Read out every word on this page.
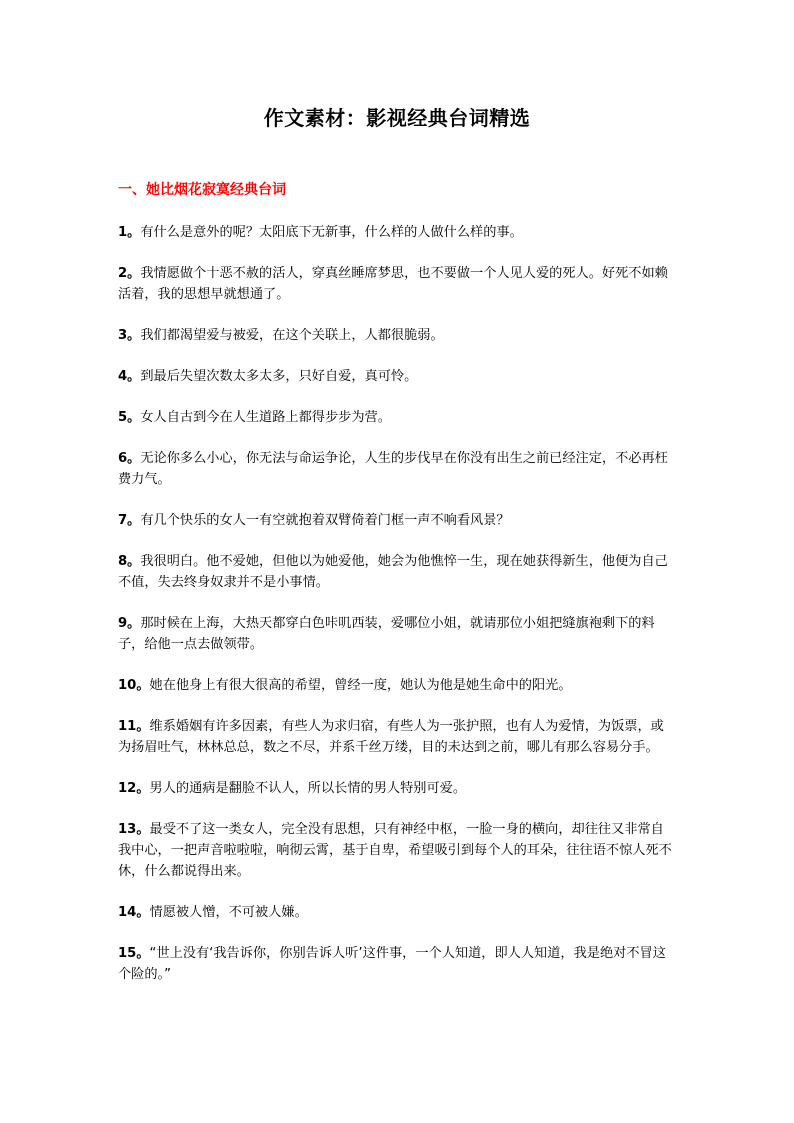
作文素材：影视经典台词精选
一、她比烟花寂寞经典台词

1。有什么是意外的呢？太阳底下无新事，什么样的人做什么样的事。

2。我情愿做个十恶不赦的活人，穿真丝睡席梦思，也不要做一个人见人爱的死人。好死不如赖活着，我的思想早就想通了。

3。我们都渴望爱与被爱，在这个关联上，人都很脆弱。

4。到最后失望次数太多太多，只好自爱，真可怜。

5。女人自古到今在人生道路上都得步步为营。

6。无论你多么小心，你无法与命运争论，人生的步伐早在你没有出生之前已经注定，不必再枉费力气。

7。有几个快乐的女人一有空就抱着双臂倚着门框一声不响看风景？

8。我很明白。他不爱她，但他以为她爱他，她会为他憔悴一生，现在她获得新生，他便为自己不值，失去终身奴隶并不是小事情。

9。那时候在上海，大热天都穿白色咔叽西装，爱哪位小姐，就请那位小姐把缝旗袍剩下的料子，给他一点去做领带。

10。她在他身上有很大很高的希望，曾经一度，她认为他是她生命中的阳光。

11。维系婚姻有许多因素，有些人为求归宿，有些人为一张护照，也有人为爱情，为饭票，或为扬眉吐气，林林总总，数之不尽，并系千丝万缕，目的未达到之前，哪儿有那么容易分手。

12。男人的通病是翻脸不认人，所以长情的男人特别可爱。

13。最受不了这一类女人，完全没有思想，只有神经中枢，一脸一身的横向，却往往又非常自我中心，一把声音啦啦啦，响彻云霄，基于自卑，希望吸引到每个人的耳朵，往往语不惊人死不休，什么都说得出来。

14。情愿被人憎，不可被人嫌。

15。“世上没有‘我告诉你，你别告诉人听’这件事，一个人知道，即人人知道，我是绝对不冒这个险的。”
